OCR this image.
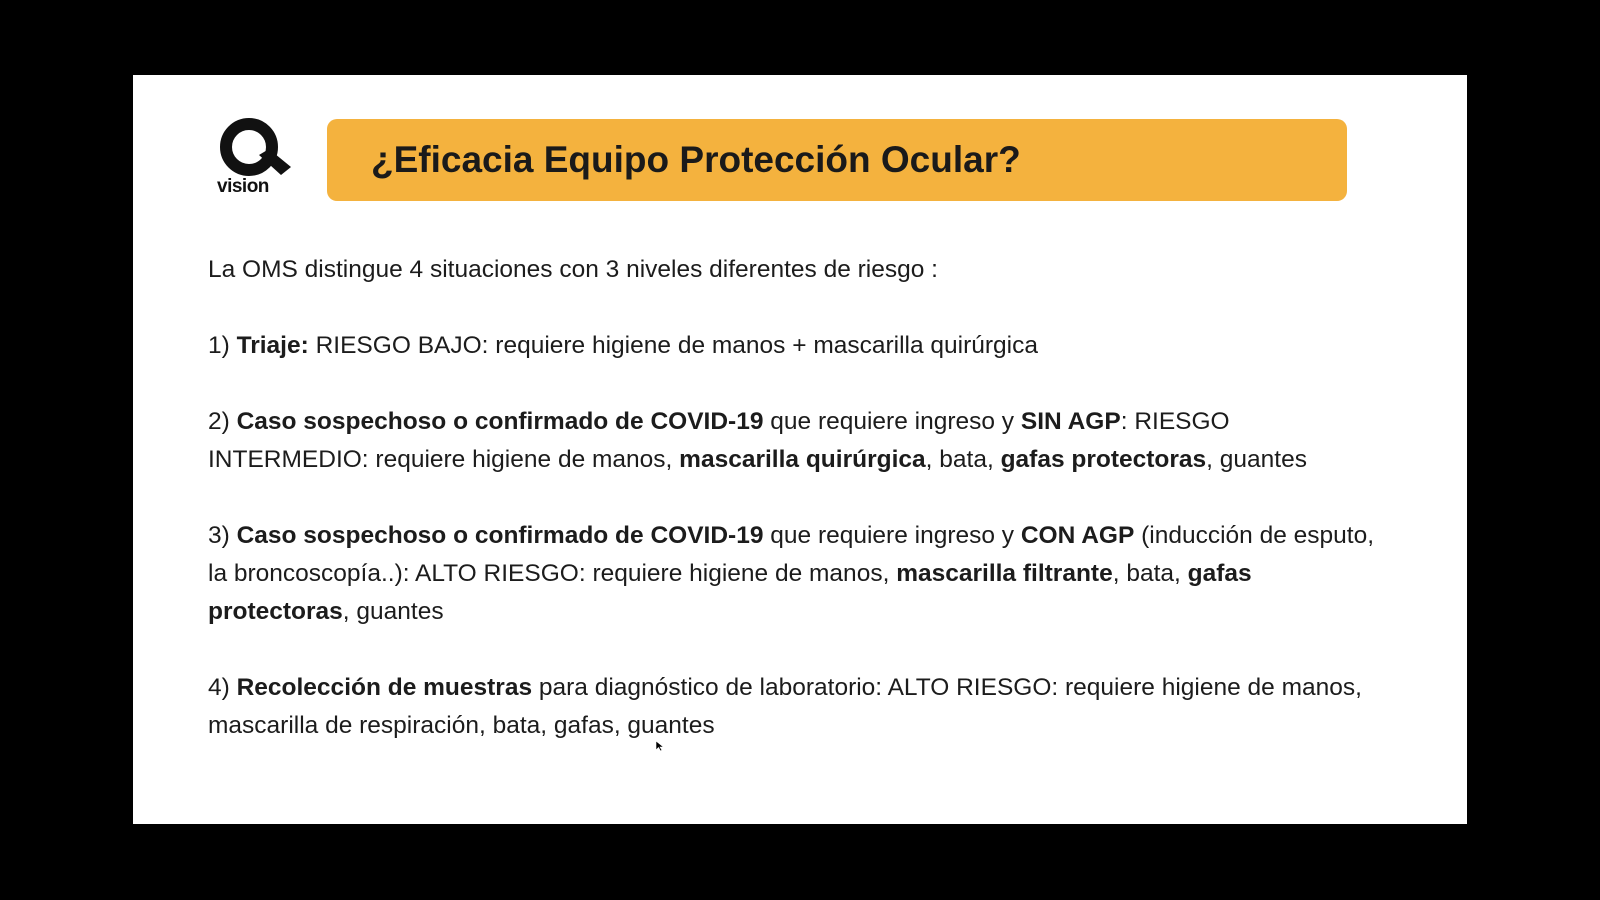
vision
¿Eficacia Equipo Protección Ocular?

La OMS distingue 4 situaciones con 3 niveles diferentes de riesgo :

1) Triaje: RIESGO BAJO: requiere higiene de manos + mascarilla quirúrgica

2) Caso sospechoso o confirmado de COVID-19 que requiere ingreso y SIN AGP: RIESGO INTERMEDIO: requiere higiene de manos, mascarilla quirúrgica, bata, gafas protectoras, guantes

3) Caso sospechoso o confirmado de COVID-19 que requiere ingreso y CON AGP (inducción de esputo, la broncoscopía..): ALTO RIESGO: requiere higiene de manos, mascarilla filtrante, bata, gafas protectoras, guantes

4) Recolección de muestras para diagnóstico de laboratorio: ALTO RIESGO: requiere higiene de manos, mascarilla de respiración, bata, gafas, guantes
